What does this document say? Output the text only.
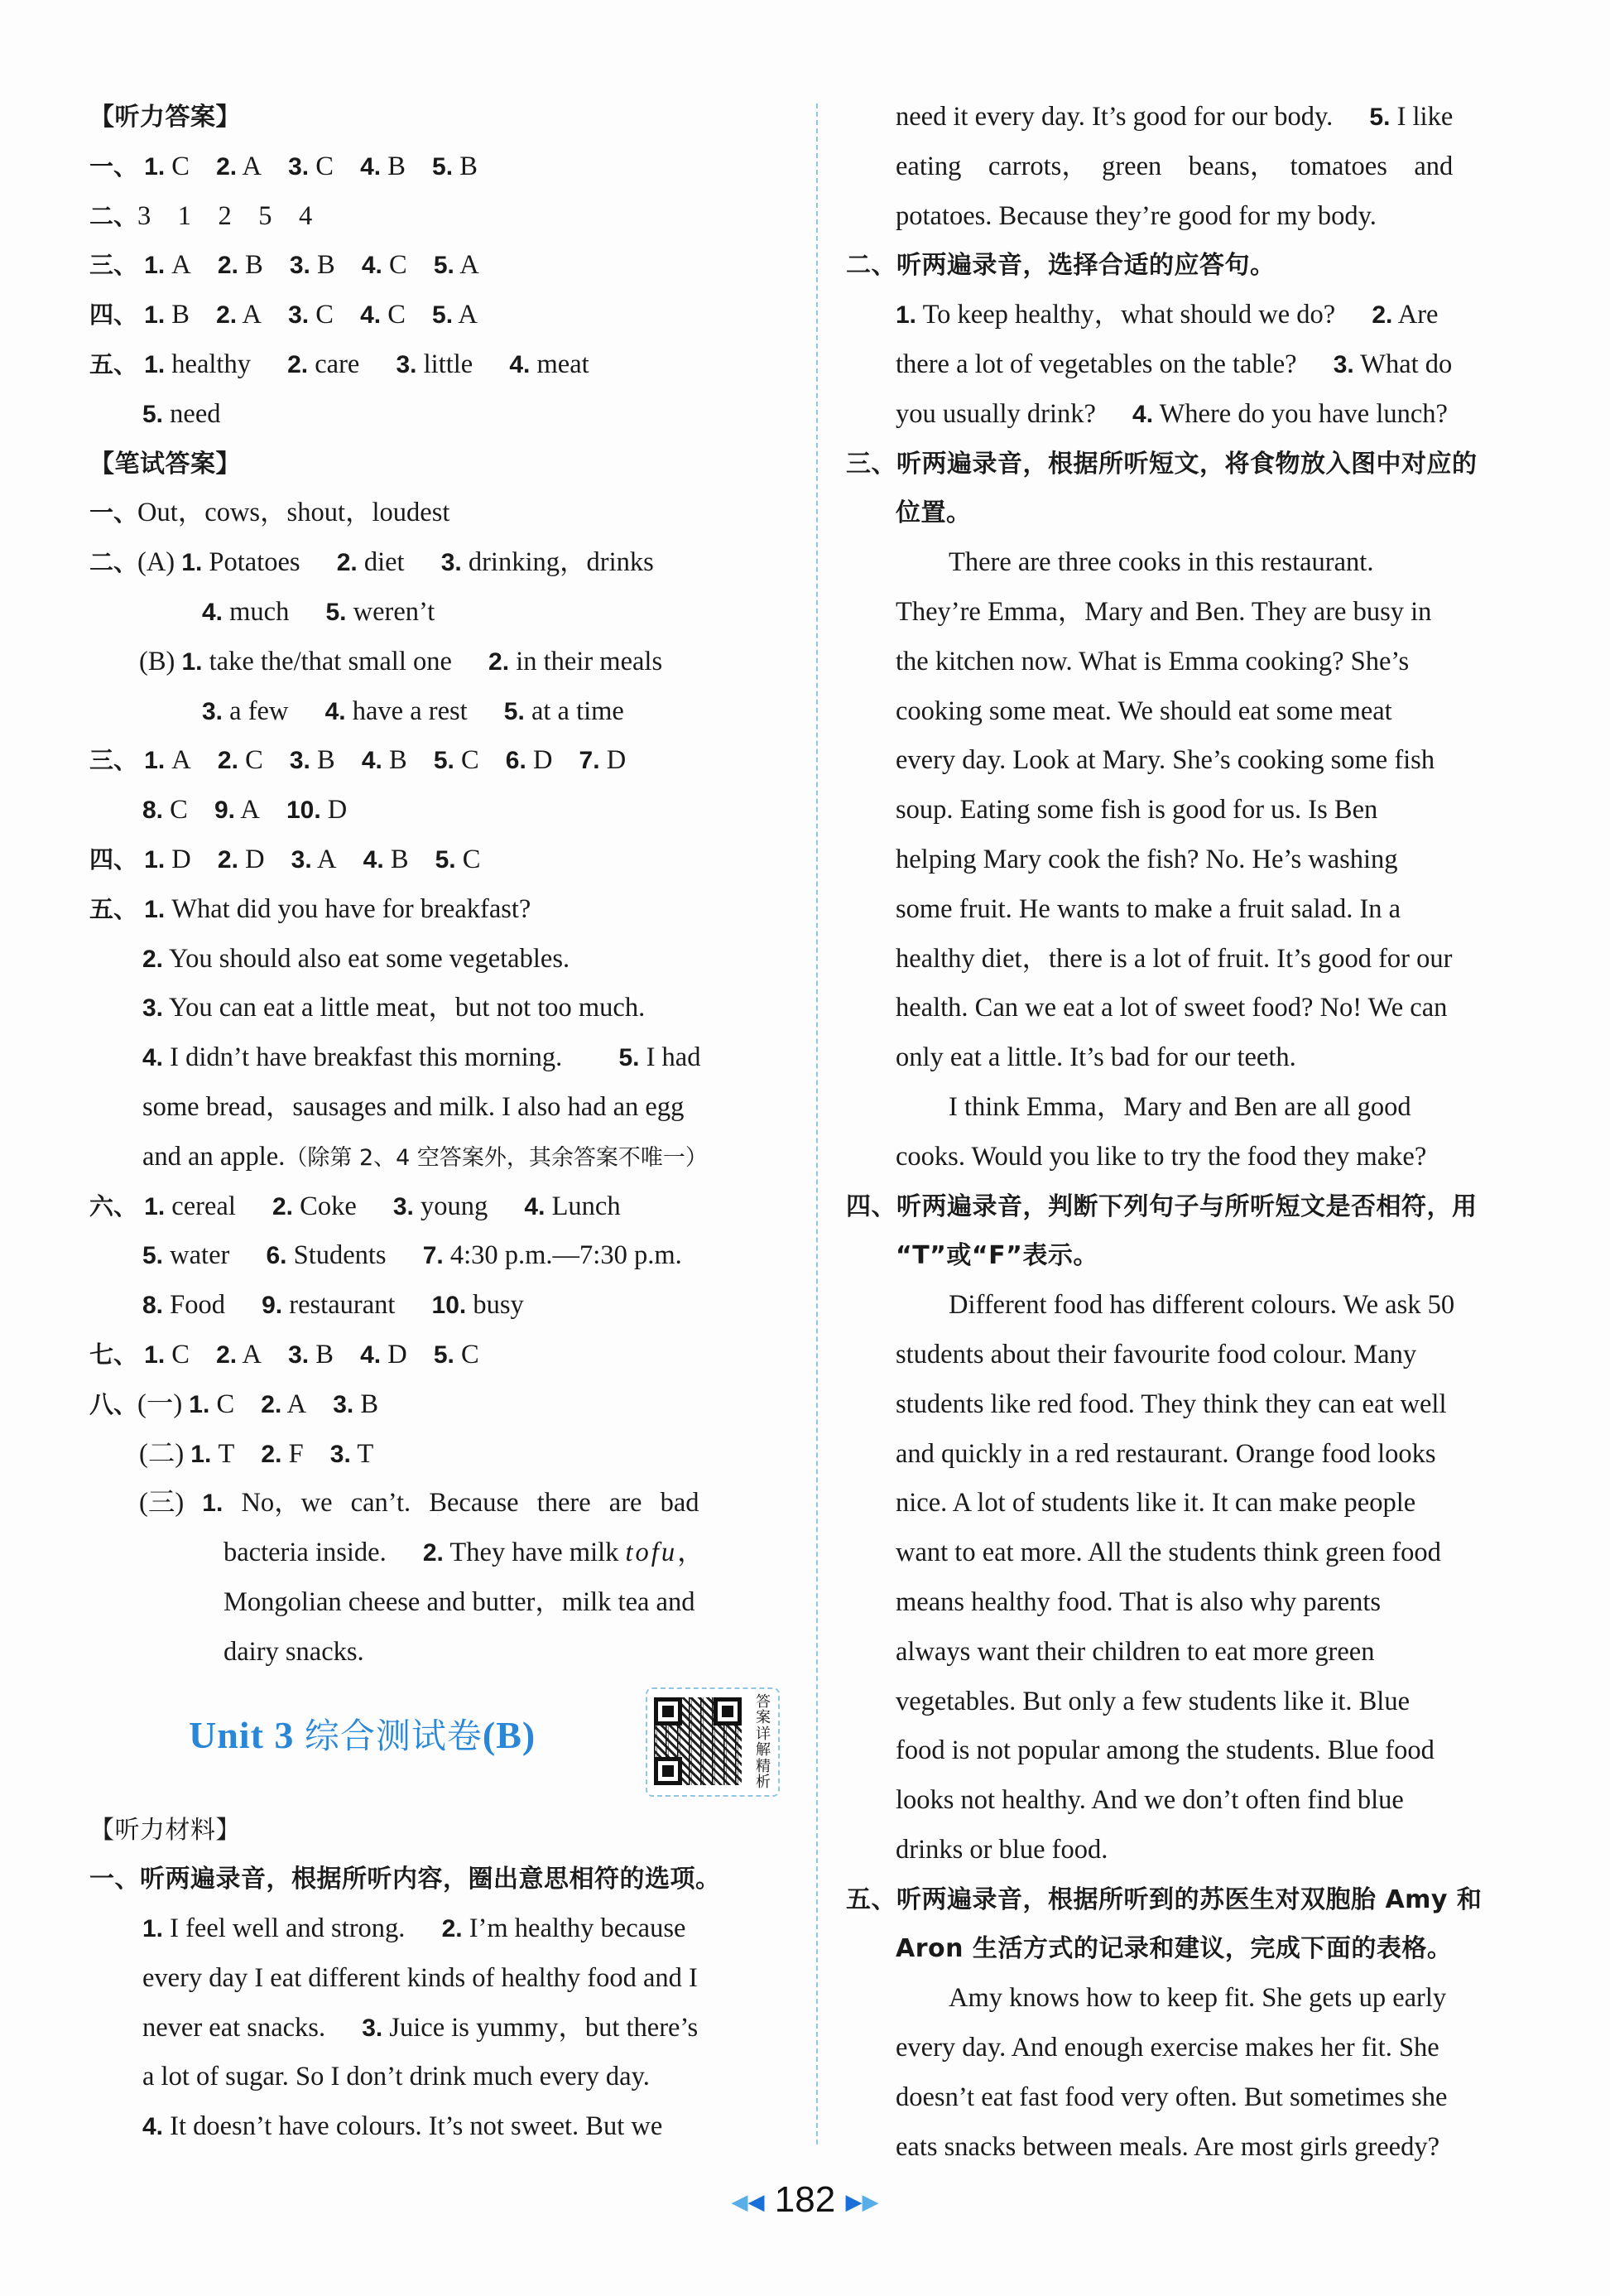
【听力答案】
一、 1. C 2. A 3. C 4. B 5. B
二、3　1　2　5　4
三、 1. A 2. B 3. B 4. C 5. A
四、 1. B 2. A 3. C 4. C 5. A
五、 1. healthy 2. care 3. little 4. meat
5. need
【笔试答案】
一、Out，cows，shout，loudest
二、(A) 1. Potatoes 2. diet 3. drinking，drinks
4. much 5. weren’t
(B) 1. take the/that small one 2. in their meals
3. a few 4. have a rest 5. at a time
三、 1. A 2. C 3. B 4. B 5. C 6. D 7. D
8. C 9. A 10. D
四、 1. D 2. D 3. A 4. B 5. C
五、 1. What did you have for breakfast?
2. You should also eat some vegetables.
3. You can eat a little meat，but not too much.
4. I didn’t have breakfast this morning. 5. I had
some bread，sausages and milk. I also had an egg
and an apple.（除第 2、4 空答案外，其余答案不唯一）
六、 1. cereal 2. Coke 3. young 4. Lunch
5. water 6. Students 7. 4:30 p.m.—7:30 p.m.
8. Food 9. restaurant 10. busy
七、 1. C 2. A 3. B 4. D 5. C
八、(一) 1. C 2. A 3. B
(二) 1. T 2. F 3. T
(三) 1. No，we can’t. Because there are bad
bacteria inside. 2. They have milk tofu，
Mongolian cheese and butter，milk tea and
dairy snacks.
Unit 3 综合测试卷(B)
答
案
详
解
精
析
【听力材料】
一、听两遍录音，根据所听内容，圈出意思相符的选项。
1. I feel well and strong. 2. I’m healthy because
every day I eat different kinds of healthy food and I
never eat snacks. 3. Juice is yummy，but there’s
a lot of sugar. So I don’t drink much every day.
4. It doesn’t have colours. It’s not sweet. But we
need it every day. It’s good for our body. 5. I like
eating　carrots，　green　beans，　tomatoes　and
potatoes. Because they’re good for my body.
二、听两遍录音，选择合适的应答句。
1. To keep healthy，what should we do? 2. Are
there a lot of vegetables on the table? 3. What do
you usually drink? 4. Where do you have lunch?
三、听两遍录音，根据所听短文，将食物放入图中对应的
位置。
There are three cooks in this restaurant.
They’re Emma，Mary and Ben. They are busy in
the kitchen now. What is Emma cooking? She’s
cooking some meat. We should eat some meat
every day. Look at Mary. She’s cooking some fish
soup. Eating some fish is good for us. Is Ben
helping Mary cook the fish? No. He’s washing
some fruit. He wants to make a fruit salad. In a
healthy diet，there is a lot of fruit. It’s good for our
health. Can we eat a lot of sweet food? No! We can
only eat a little. It’s bad for our teeth.
I think Emma，Mary and Ben are all good
cooks. Would you like to try the food they make?
四、听两遍录音，判断下列句子与所听短文是否相符，用
“T”或“F”表示。
Different food has different colours. We ask 50
students about their favourite food colour. Many
students like red food. They think they can eat well
and quickly in a red restaurant. Orange food looks
nice. A lot of students like it. It can make people
want to eat more. All the students think green food
means healthy food. That is also why parents
always want their children to eat more green
vegetables. But only a few students like it. Blue
food is not popular among the students. Blue food
looks not healthy. And we don’t often find blue
drinks or blue food.
五、听两遍录音，根据所听到的苏医生对双胞胎 Amy 和
Aron 生活方式的记录和建议，完成下面的表格。
Amy knows how to keep fit. She gets up early
every day. And enough exercise makes her fit. She
doesn’t eat fast food very often. But sometimes she
eats snacks between meals. Are most girls greedy?
◀◀ 182 ▶▶
